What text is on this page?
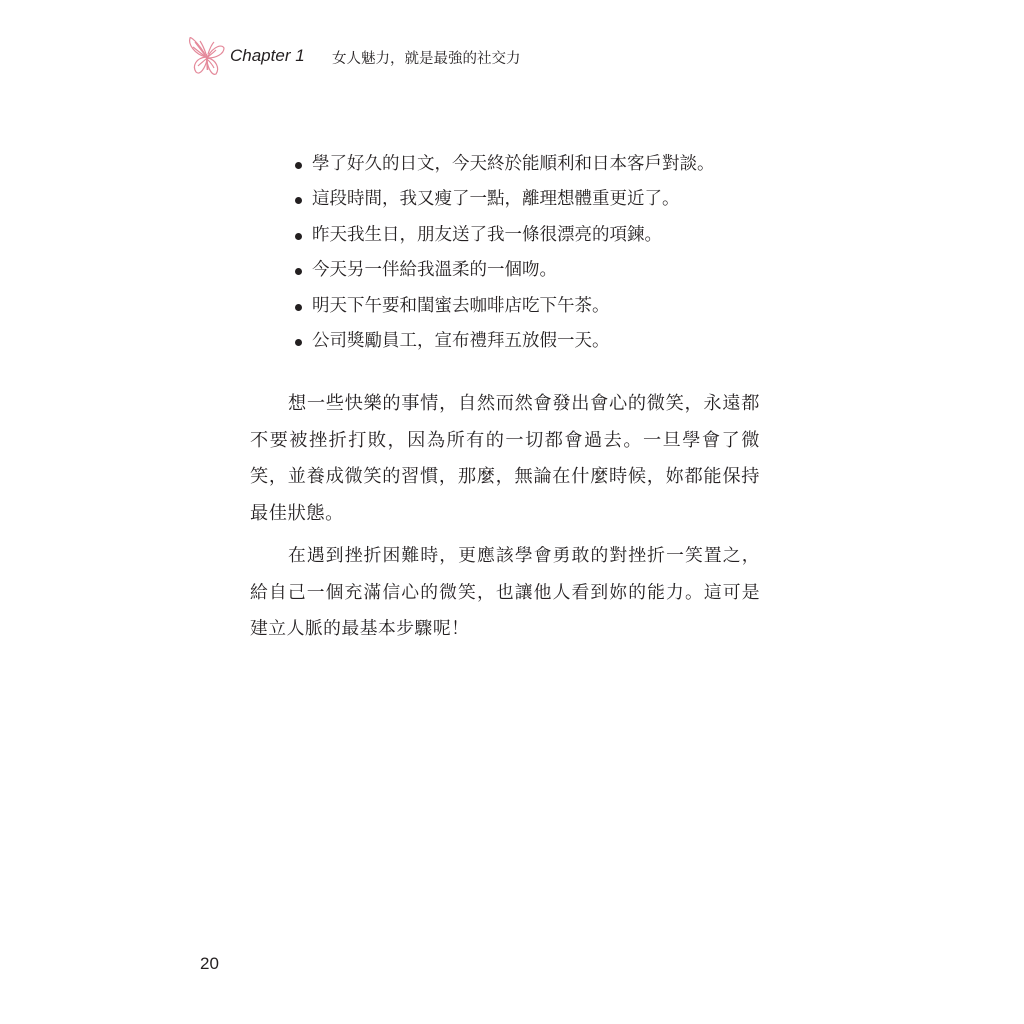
Chapter 1 女人魅力，就是最強的社交力
學了好久的日文，今天終於能順利和日本客戶對談。
這段時間，我又瘦了一點，離理想體重更近了。
昨天我生日，朋友送了我一條很漂亮的項鍊。
今天另一伴給我溫柔的一個吻。
明天下午要和閨蜜去咖啡店吃下午茶。
公司獎勵員工，宣布禮拜五放假一天。

想一些快樂的事情，自然而然會發出會心的微笑，永遠都不要被挫折打敗，因為所有的一切都會過去。一旦學會了微笑，並養成微笑的習慣，那麼，無論在什麼時候，妳都能保持最佳狀態。

在遇到挫折困難時，更應該學會勇敢的對挫折一笑置之，給自己一個充滿信心的微笑，也讓他人看到妳的能力。這可是建立人脈的最基本步驟呢！

20
